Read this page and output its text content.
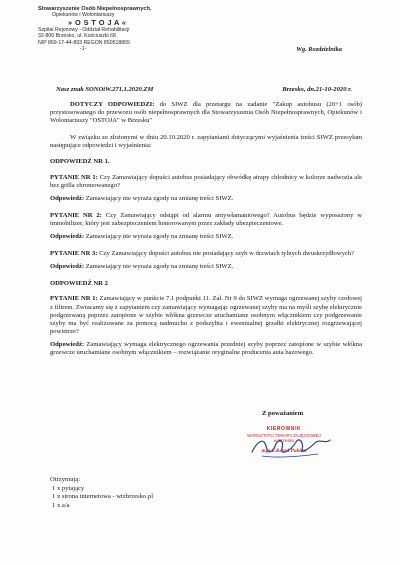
Stowarzyszenie Osób Niepełnosprawnych,
Opiekunów i Wolontariuszy
» O S T O J A «
Szpital Rejonowy - Oddział Rehabilitacji
32-800 Brzesko, ul. Kościuszki 68
NIP 869-17-44-893 REGON 850518865
-1-	Wg. Rozdzielnika
Nasz znak SONOiW.271.1.2020.ZM	Brzesko, dn.21-10-2020 r.

DOTYCZY ODPOWIEDZI: do SIWZ dla przetargu na zadanie "Zakup autobusu (20+1 osób) przystosowanego do przewozu osób niepełnosprawnych dla Stowarzyszenia Osób Niepełnosprawnych, Opiekunów i Wolontariuszy "OSTOJA" w Brzesku"

W związku ze złożonymi w dniu 20.10.2020 r. zapytaniami dotyczącymi wyjaśnienia treści SIWZ przesyłam następujące odpowiedzi i wyjaśnienia:

ODPOWIEDŹ NR 1.

PYTANIE NR 1: Czy Zamawiający dopuści autobus posiadający obwódkę atrapy chłodnicy w kolorze nadwozia ale bez grilla chromowanego?

Odpowiedź: Zamawiający nie wyraża zgody na zmianę treści SIWZ.

PYTANIE NR 2: Czy Zamawiający odstąpi od alarmu antywłamaniowego? Autobus będzie wyposażony w immobilizer, który jest zabezpieczeniem honorowanym przez zakłady ubezpieczeniowe.

Odpowiedź: Zamawiający nie wyraża zgody na zmianę treści SIWZ.

PYTANIE NR 3: Czy Zamawiający dopuści autobus nie posiadający szyb w drzwiach tylnych dwuskrzydłowych?

Odpowiedź: Zamawiający nie wyraża zgody na zmianę treści SIWZ.

ODPOWIEDŹ NR 2

PYTANIE NR 1: Zamawiający w punkcie 7.1 podpunkt 11. Zał. Nr 9 do SIWZ wymaga ogrzewanej szyby czołowej z filtrem. Zwracamy się z zapytaniem czy zamawiający wymagając ogrzewanej szyby ma na myśli szybę elektrycznie podgrzewaną poprzez zatopione w szybie włókna grzewcze uruchamiane osobnym włącznikiem czy podgrzewanie szyby ma być realizowane za pomocą nadmuchu z podszybia i ewentualnej grzałki elektrycznej rozgrzewającej powietrze?

Odpowiedź: Zamawiający wymaga elektrycznego ogrzewania przedniej szyby poprzez zatopione w szybie włókna grzewcze uruchamiane osobnym włącznikiem – rozwiązanie oryginalne producenta auta bazowego.

Z poważaniem
KIEROWNIK
WARSZTATU TERAPII ZAJĘCIOWEJ
w Brzesku
mgr Edward Pabian
Otrzymują:
1 x pytający
1 x strona internetowa - wtzbrzesko.pl
1 x a/a
